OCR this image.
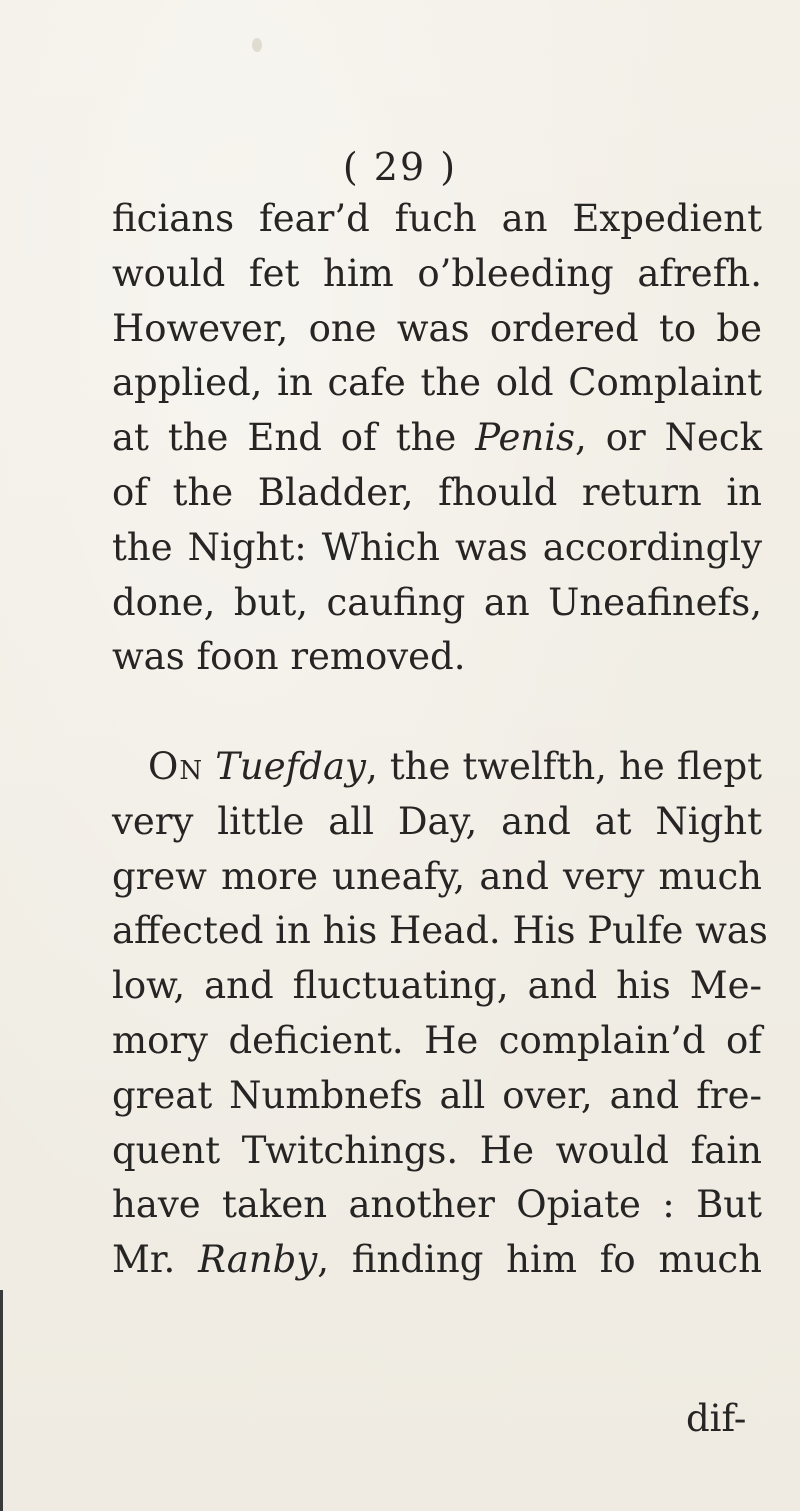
( 29 )
ficians fear’d fuch an Expedient
would fet him o’bleeding afrefh.
However, one was ordered to be
applied, in cafe the old Complaint
at the End of the Penis, or Neck
of the Bladder, fhould return in
the Night: Which was accordingly
done, but, caufing an Uneafinefs,
was foon removed.
On Tuefday, the twelfth, he flept
very little all Day, and at Night
grew more uneafy, and very much
affected in his Head. His Pulfe was
low, and fluctuating, and his Me-
mory deficient. He complain’d of
great Numbnefs all over, and fre-
quent Twitchings. He would fain
have taken another Opiate : But
Mr. Ranby, finding him fo much
dif-
